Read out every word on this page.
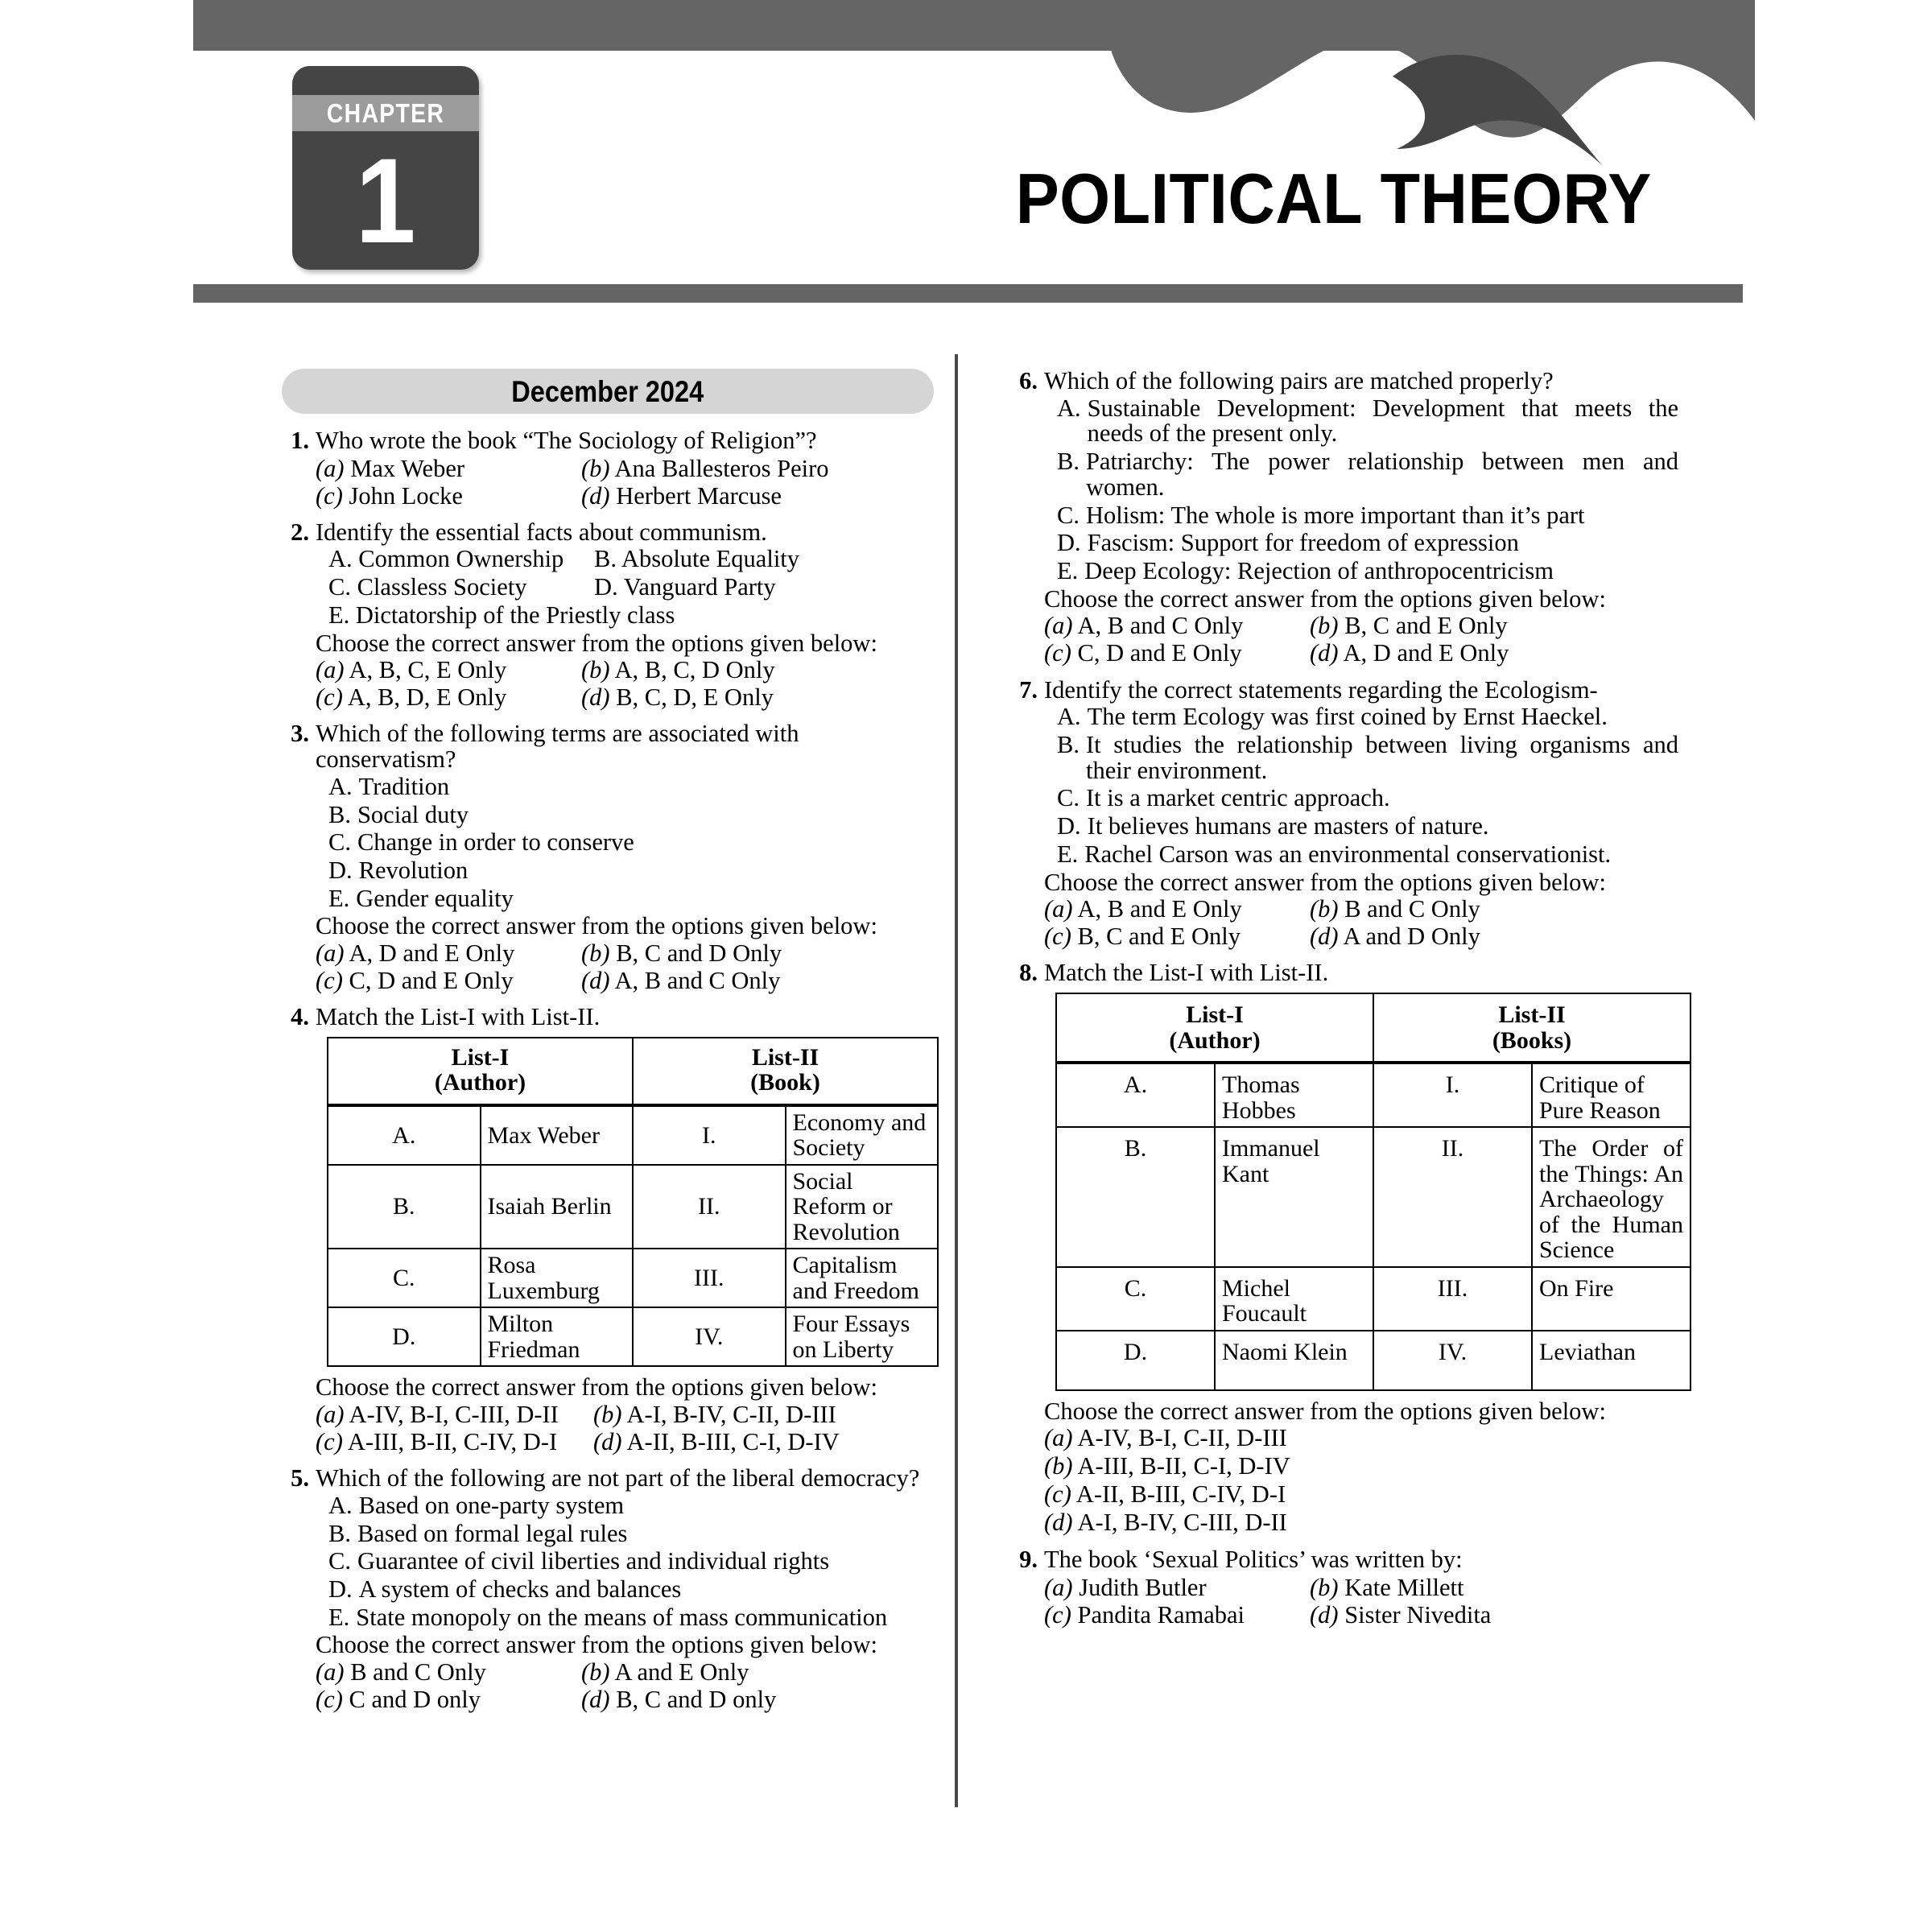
CHAPTER
1	POLITICAL THEORY
December 2024
1. Who wrote the book “The Sociology of Religion”?
(a) Max Weber	(b) Ana Ballesteros Peiro
(c) John Locke	(d) Herbert Marcuse
2. Identify the essential facts about communism.
A. Common Ownership	B. Absolute Equality
C. Classless Society	D. Vanguard Party
E. Dictatorship of the Priestly class
Choose the correct answer from the options given below:
(a) A, B, C, E Only	(b) A, B, C, D Only
(c) A, B, D, E Only	(d) B, C, D, E Only
3. Which of the following terms are associated with conservatism?
A. Tradition
B. Social duty
C. Change in order to conserve
D. Revolution
E. Gender equality
Choose the correct answer from the options given below:
(a) A, D and E Only	(b) B, C and D Only
(c) C, D and E Only	(d) A, B and C Only
4. Match the List-I with List-II.
List-I
(Author)		List-II
(Book)	
A.	Max Weber	I.	Economy and Society
B.	Isaiah Berlin	II.	Social Reform or Revolution
C.	Rosa Luxemburg	III.	Capitalism and Freedom
D.	Milton Friedman	IV.	Four Essays on Liberty
Choose the correct answer from the options given below:
(a) A-IV, B-I, C-III, D-II	(b) A-I, B-IV, C-II, D-III
(c) A-III, B-II, C-IV, D-I	(d) A-II, B-III, C-I, D-IV
5. Which of the following are not part of the liberal democracy?
A. Based on one-party system
B. Based on formal legal rules
C. Guarantee of civil liberties and individual rights
D. A system of checks and balances
E. State monopoly on the means of mass communication
Choose the correct answer from the options given below:
(a) B and C Only	(b) A and E Only
(c) C and D only	(d) B, C and D only
6. Which of the following pairs are matched properly?
A. Sustainable Development: Development that meets the needs of the present only.
B. Patriarchy: The power relationship between men and women.
C. Holism: The whole is more important than it’s part
D. Fascism: Support for freedom of expression
E. Deep Ecology: Rejection of anthropocentricism
Choose the correct answer from the options given below:
(a) A, B and C Only	(b) B, C and E Only
(c) C, D and E Only	(d) A, D and E Only
7. Identify the correct statements regarding the Ecologism-
A. The term Ecology was first coined by Ernst Haeckel.
B. It studies the relationship between living organisms and their environment.
C. It is a market centric approach.
D. It believes humans are masters of nature.
E. Rachel Carson was an environmental conservationist.
Choose the correct answer from the options given below:
(a) A, B and E Only	(b) B and C Only
(c) B, C and E Only	(d) A and D Only
8. Match the List-I with List-II.
List-I
(Author)		List-II
(Books)	
A.	Thomas Hobbes	I.	Critique of Pure Reason
B.	Immanuel Kant	II.	The Order of the Things: An Archaeology of the Human Science
C.	Michel Foucault	III.	On Fire
D.	Naomi Klein	IV.	Leviathan
Choose the correct answer from the options given below:
(a) A-IV, B-I, C-II, D-III
(b) A-III, B-II, C-I, D-IV
(c) A-II, B-III, C-IV, D-I
(d) A-I, B-IV, C-III, D-II
9. The book ‘Sexual Politics’ was written by:
(a) Judith Butler	(b) Kate Millett
(c) Pandita Ramabai	(d) Sister Nivedita
